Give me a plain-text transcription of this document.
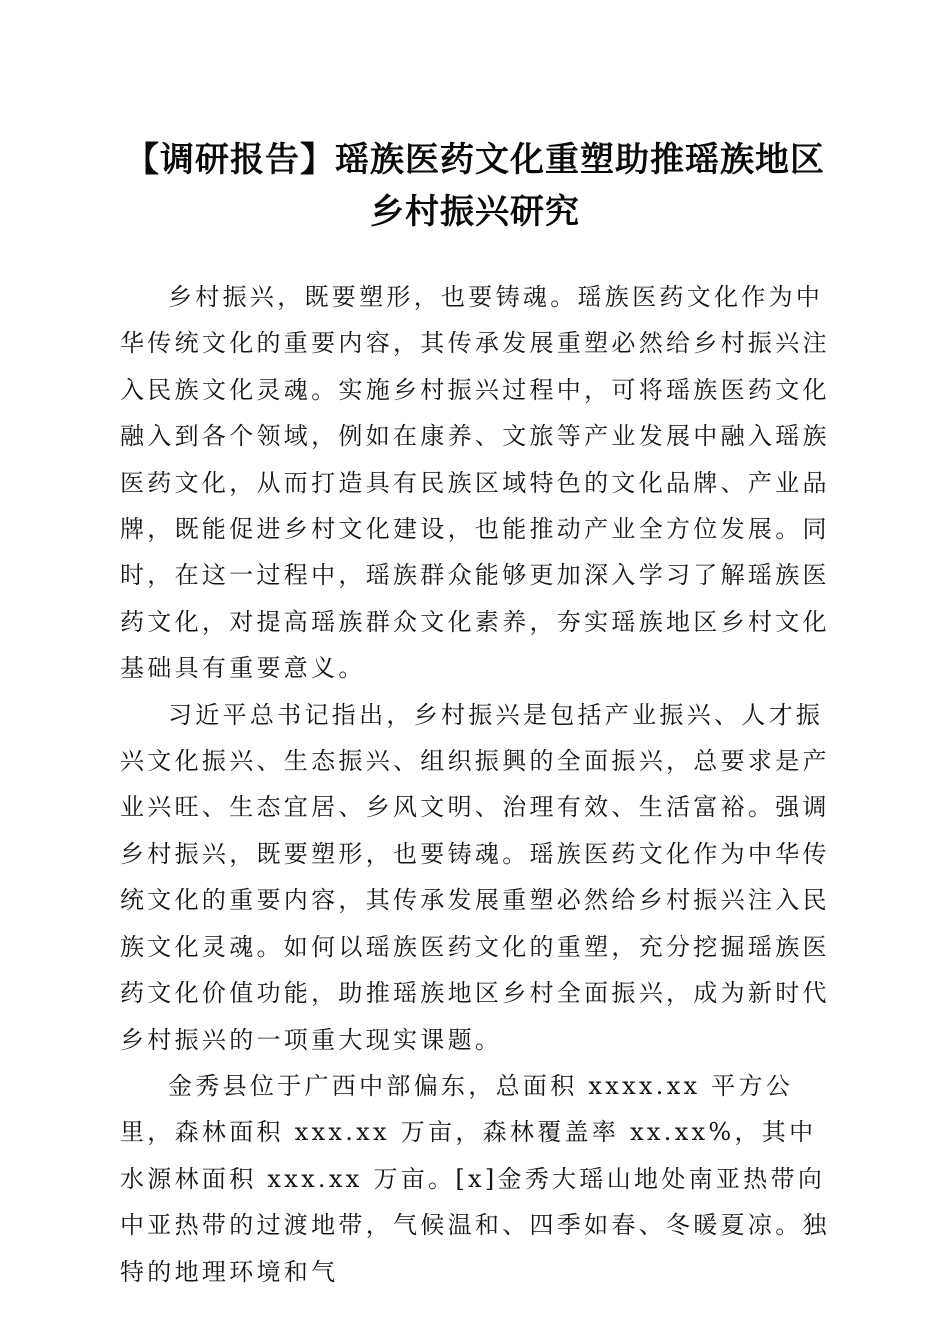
【调研报告】瑶族医药文化重塑助推瑶族地区
乡村振兴研究

乡村振兴，既要塑形，也要铸魂。瑶族医药文化作为中华传统文化的重要内容，其传承发展重塑必然给乡村振兴注入民族文化灵魂。实施乡村振兴过程中，可将瑶族医药文化融入到各个领域，例如在康养、文旅等产业发展中融入瑶族医药文化，从而打造具有民族区域特色的文化品牌、产业品牌，既能促进乡村文化建设，也能推动产业全方位发展。同时，在这一过程中，瑶族群众能够更加深入学习了解瑶族医药文化，对提高瑶族群众文化素养，夯实瑶族地区乡村文化基础具有重要意义。

习近平总书记指出，乡村振兴是包括产业振兴、人才振兴文化振兴、生态振兴、组织振興的全面振兴，总要求是产业兴旺、生态宜居、乡风文明、治理有效、生活富裕。强调乡村振兴，既要塑形，也要铸魂。瑶族医药文化作为中华传统文化的重要内容，其传承发展重塑必然给乡村振兴注入民族文化灵魂。如何以瑶族医药文化的重塑，充分挖掘瑶族医药文化价值功能，助推瑶族地区乡村全面振兴，成为新时代乡村振兴的一项重大现实课题。

金秀县位于广西中部偏东，总面积 xxxx.xx 平方公里，森林面积 xxx.xx 万亩，森林覆盖率 xx.xx%，其中水源林面积 xxx.xx 万亩。[x]金秀大瑶山地处南亚热带向中亚热带的过渡地带，气候温和、四季如春、冬暖夏凉。独特的地理环境和气
